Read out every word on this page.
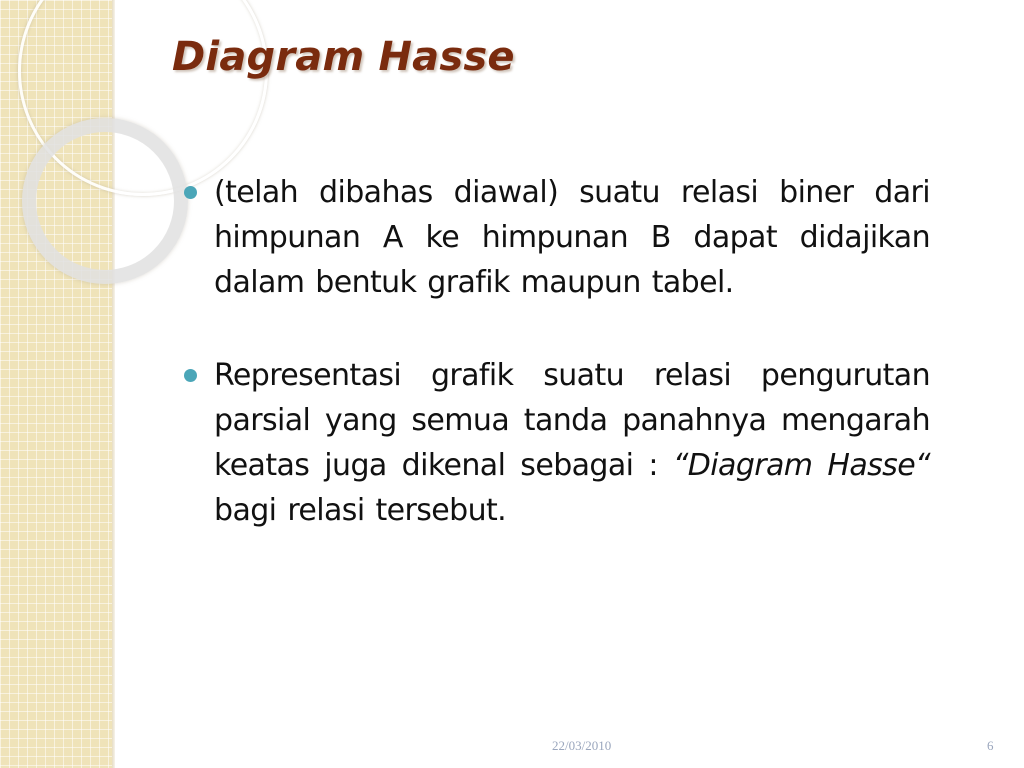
Diagram Hasse
(telah dibahas diawal) suatu relasi biner dari himpunan A ke himpunan B dapat didajikan dalam bentuk grafik maupun tabel.
Representasi grafik suatu relasi pengurutan parsial yang semua tanda panahnya mengarah keatas juga dikenal sebagai : “Diagram Hasse“ bagi relasi tersebut.
22/03/2010	6
